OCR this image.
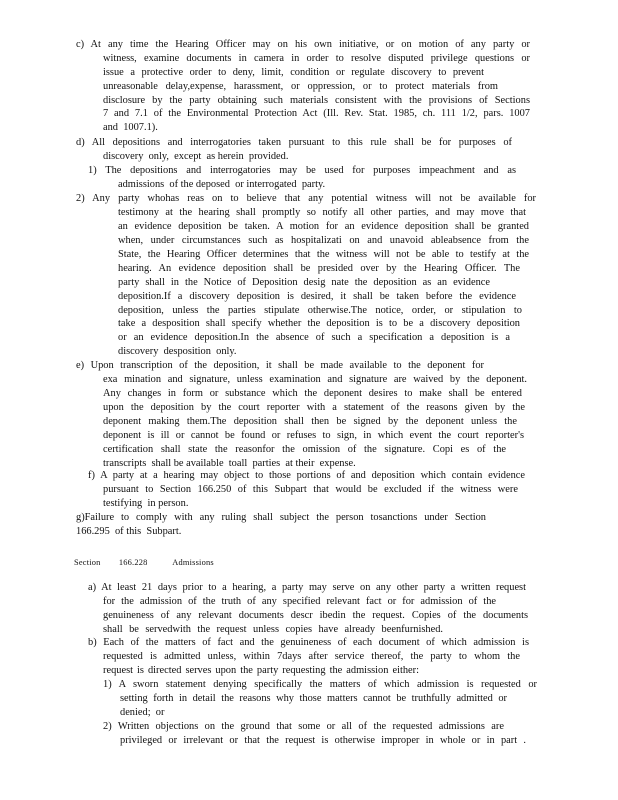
c) At any time the Hearing Officer may on his own initiative, or on motion of any party or
witness, examine documents in camera in order to resolve disputed privilege questions or
issue a protective order to deny, limit, condition or regulate discovery to prevent
unreasonable delay,expense, harassment, or oppression, or to protect materials from
disclosure by the party obtaining such materials consistent with the provisions of Sections
7 and 7.1 of the Environmental Protection Act (Ill. Rev. Stat. 1985, ch. 111 1/2, pars. 1007
and  1007.1).
d) All depositions and interrogatories taken pursuant to this rule shall be for purposes of
discovery  only,  except  as herein  provided.
1) The depositions and interrogatories may be used for purposes impeachment and as
admissions  of the deposed  or interrogated  party.
2) Any party whohas reas on to believe that any potential witness will not be available for
testimony at the hearing shall promptly so notify all other parties, and may move that
an evidence deposition be taken. A motion for an evidence deposition shall be granted
when, under circumstances such as hospitalizati on and unavoid ableabsence from the
State, the Hearing Officer determines that the witness will not be able to testify at the
hearing. An evidence deposition shall be presided over by the Hearing Officer. The
party shall in the Notice of Deposition desig nate the deposition as an evidence
deposition.If a discovery deposition is desired, it shall be taken before the evidence
deposition, unless the parties stipulate otherwise.The notice, order, or stipulation to
take a desposition shall specify whether the deposition is to be a discovery deposition
or an evidence deposition.In the absence of such a specification a deposition is a
discovery  desposition  only.
e) Upon transcription of the deposition, it shall be made available to the deponent for
exa mination and signature, unless examination and signature are waived by the deponent.
Any changes in form or substance which the deponent desires to make shall be entered
upon the deposition by the court reporter with a statement of the reasons given by the
deponent making them.The deposition shall then be signed by the deponent unless the
deponent is ill or cannot be found or refuses to sign, in which event the court reporter's
certification shall state the reasonfor the omission of the signature. Copi es of the
transcripts  shall be available  toall  parties  at their  expense.
f) A party at a hearing may object to those portions of and deposition which contain evidence
pursuant to Section 166.250 of this Subpart that would be excluded if the witness were
testifying  in person.
g)Failure to comply with any ruling shall subject the person tosanctions under Section
166.295  of this  Subpart.
Section        166.228           Admissions
a) At least 21 days prior to a hearing, a party may serve on any other party a written request
for the admission of the truth of any specified relevant fact or for admission of the
genuineness of any relevant documents descr ibedin the request. Copies of the documents
shall be servedwith the request unless copies have already beenfurnished.
b) Each of the matters of fact and the genuineness of each document of which admission is
requested is admitted unless, within 7days after service thereof, the party to whom the
request is directed serves upon the party requesting the admission either:
1) A sworn statement denying specifically the matters of which admission is requested or
setting forth in detail the reasons why those matters cannot be truthfully admitted or
denied;  or
2) Written objections on the ground that some or all of the requested admissions are
privileged or irrelevant or that the request is otherwise improper in whole or in part .
